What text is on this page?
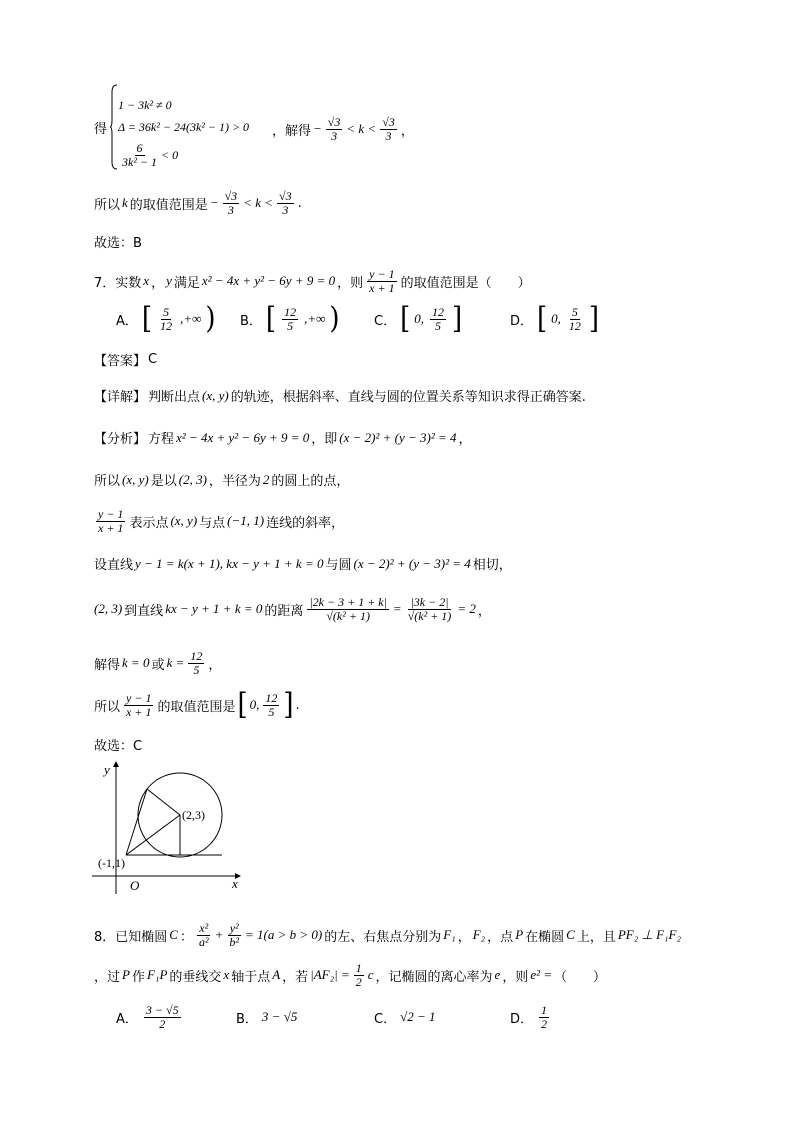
得
1 − 3k² ≠ 0
Δ = 36k² − 24(3k² − 1) > 0
$\frac{6}{\text{3k² − 1}} < 0$
，解得 − $\frac{√3}{3} < k < \frac{√3}{3}$ ，
所以 k 的取值范围是 − $\frac{√3}{3} < k < \frac{√3}{3}$ .
故选：B
7．实数 x ， y 满足 x² − 4x + y² − 6y + 9 = 0 ，则 $\frac{y - 1}{x + 1}$ 的取值范围是（　　）
A． [ $\frac{5}{12}$ ,+∞ ) B． [ $\frac{12}{5}$ ,+∞ )	C． [ 0, $\frac{12}{5}$ ]	D． [ 0, $\frac{5}{12}$ ]
【答案】 C
【详解】 判断出点 (x, y) 的轨迹，根据斜率、直线与圆的位置关系等知识求得正确答案.
【分析】 方程 x² − 4x + y² − 6y + 9 = 0 ，即 (x − 2)² + (y − 3)² = 4 ，
所以 (x, y) 是以 (2, 3) ，半径为 2 的圆上的点，
$\frac{y - 1}{x + 1}$ 表示点 (x, y) 与点 (−1, 1) 连线的斜率，
设直线 y − 1 = k(x + 1), kx − y + 1 + k = 0 与圆 (x − 2)² + (y − 3)² = 4 相切，
(2, 3) 到直线 kx − y + 1 + k = 0 的距离 $\frac{|2k - 3 + 1 + k|}{\text{√(k² + 1)}} = \frac{|3k - 2|}{\text{√(k² + 1)}} = 2$ ，
解得 k = 0 或 $k = \frac{12}{5}$ ，
所以 $\frac{y - 1}{x + 1}$ 的取值范围是 [ 0, $\frac{12}{5}$ ] .
故选：C
y
x
O
(2,3)
(-1,1)
8．已知椭圆 C ： $\frac{\text{x²}}{\text{a²}} + \frac{\text{y²}}{\text{b²}} = 1(a > b > 0)$ 的左、右焦点分别为 F₁ ， F₂ ，点 P 在椭圆 C 上，且 PF₂ ⊥ F₁F₂
，过 P 作 F₁P 的垂线交 x 轴于点 A ，若 $|AF_2| = \frac{1}{2}$ c ，记椭圆的离心率为 e ，则 e² = （　　）
A． $\frac{3 - √5}{2}$	B． 3 − √5	C． √2 − 1	D． $\frac{1}{2}$
